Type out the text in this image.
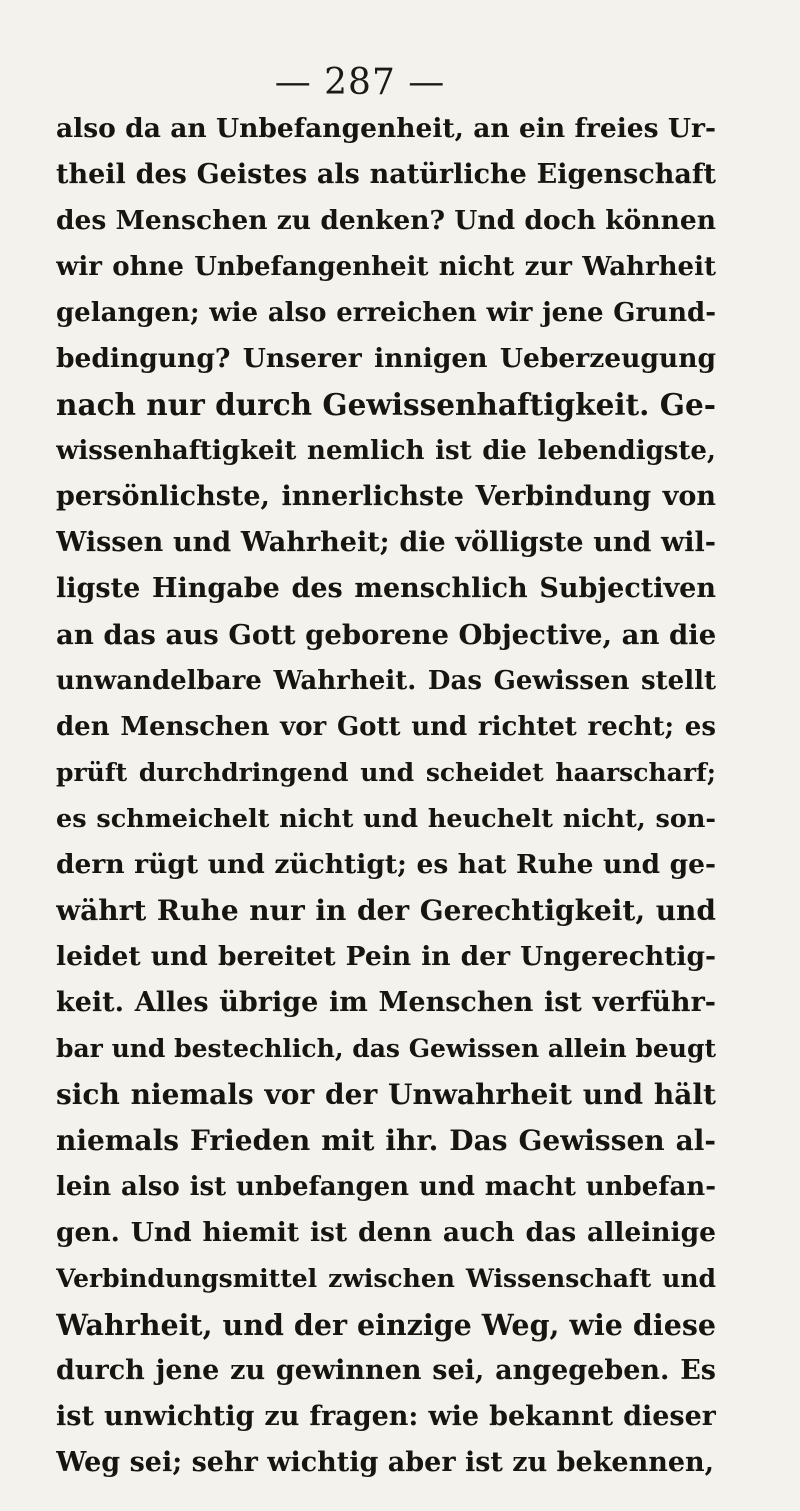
— 287 —
also da an Unbefangenheit, an ein freies Ur-
theil des Geistes als natürliche Eigenschaft
des Menschen zu denken? Und doch können
wir ohne Unbefangenheit nicht zur Wahrheit
gelangen; wie also erreichen wir jene Grund-
bedingung? Unserer innigen Ueberzeugung
nach nur durch Gewissenhaftigkeit. Ge-
wissenhaftigkeit nemlich ist die lebendigste,
persönlichste, innerlichste Verbindung von
Wissen und Wahrheit; die völligste und wil-
ligste Hingabe des menschlich Subjectiven
an das aus Gott geborene Objective, an die
unwandelbare Wahrheit. Das Gewissen stellt
den Menschen vor Gott und richtet recht; es
prüft durchdringend und scheidet haarscharf;
es schmeichelt nicht und heuchelt nicht, son-
dern rügt und züchtigt; es hat Ruhe und ge-
währt Ruhe nur in der Gerechtigkeit, und
leidet und bereitet Pein in der Ungerechtig-
keit. Alles übrige im Menschen ist verführ-
bar und bestechlich, das Gewissen allein beugt
sich niemals vor der Unwahrheit und hält
niemals Frieden mit ihr. Das Gewissen al-
lein also ist unbefangen und macht unbefan-
gen. Und hiemit ist denn auch das alleinige
Verbindungsmittel zwischen Wissenschaft und
Wahrheit, und der einzige Weg, wie diese
durch jene zu gewinnen sei, angegeben. Es
ist unwichtig zu fragen: wie bekannt dieser
Weg sei; sehr wichtig aber ist zu bekennen,
